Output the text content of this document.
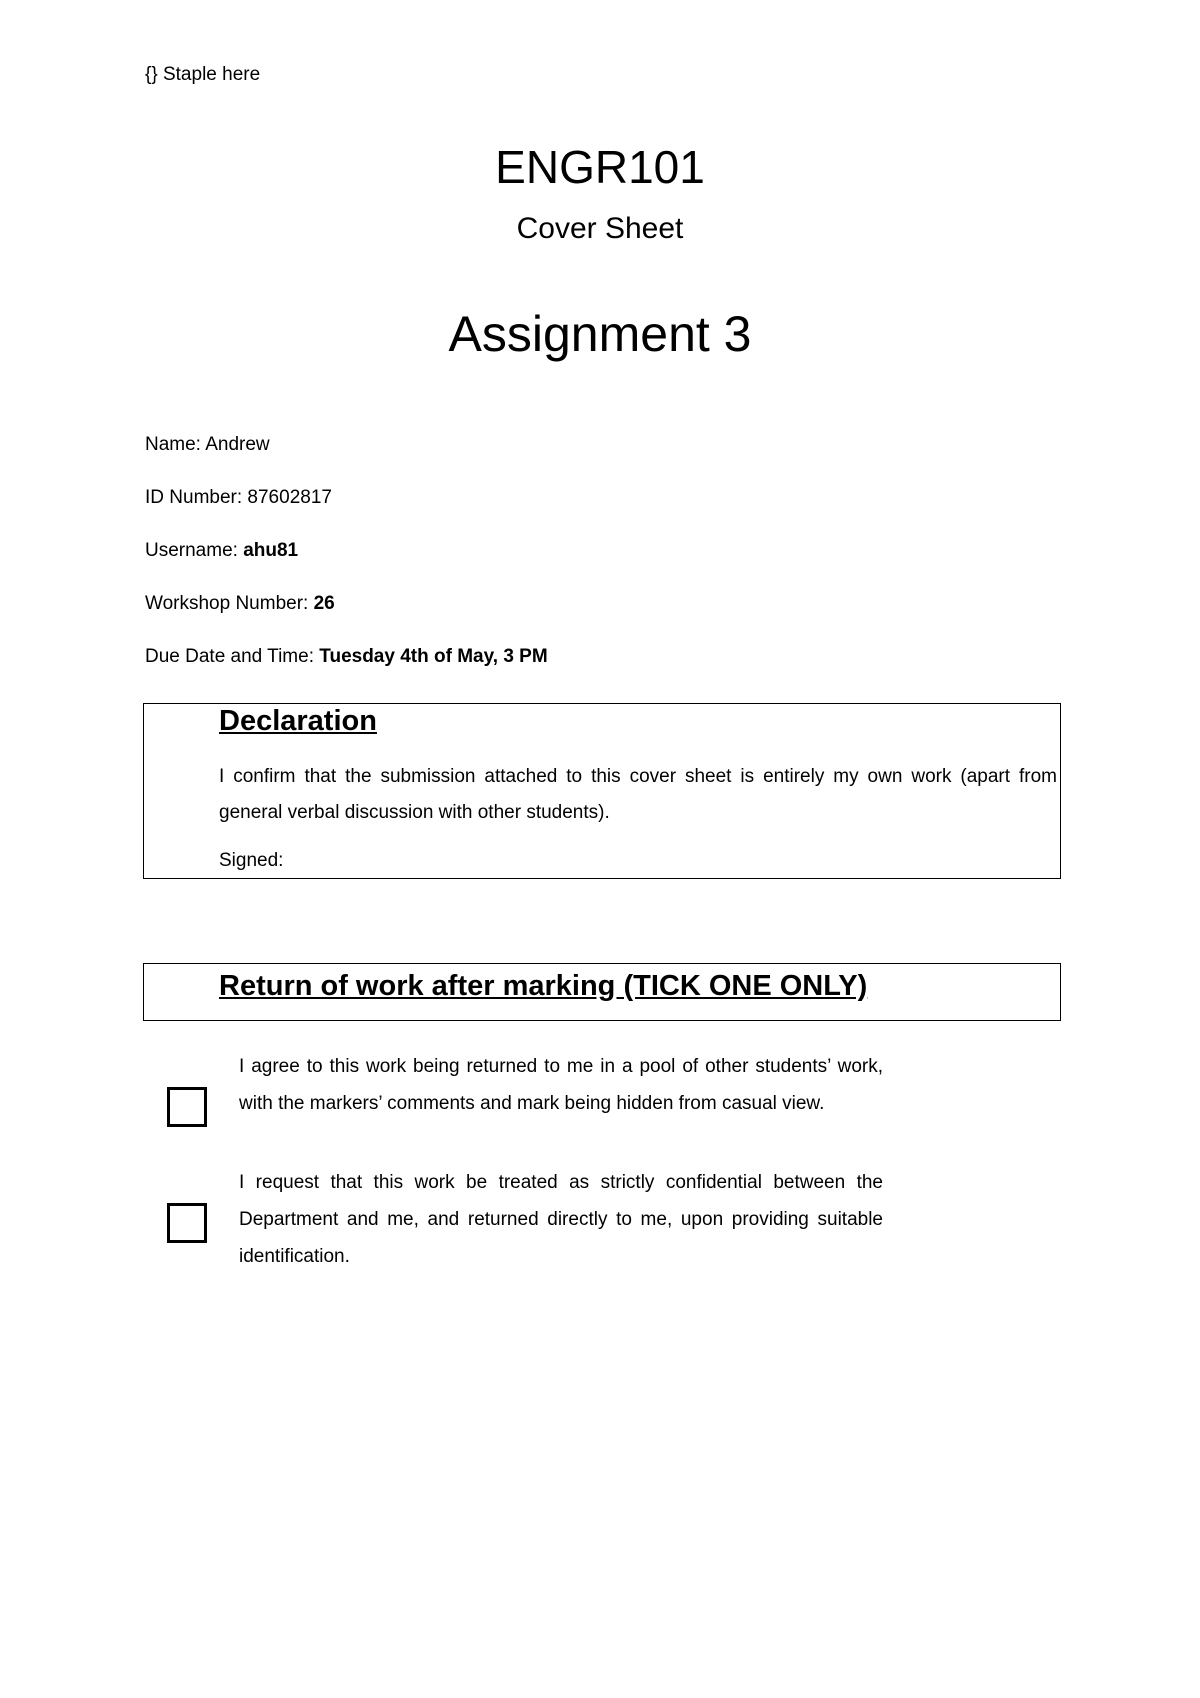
{} Staple here
ENGR101
Cover Sheet
Assignment 3
Name: Andrew
ID Number: 87602817
Username: ahu81
Workshop Number: 26
Due Date and Time: Tuesday 4th of May, 3 PM
Declaration
I confirm that the submission attached to this cover sheet is entirely my own work (apart from general verbal discussion with other students).
Signed:
Return of work after marking (TICK ONE ONLY)
I agree to this work being returned to me in a pool of other students’ work, with the markers’ comments and mark being hidden from casual view.
I request that this work be treated as strictly confidential between the Department and me, and returned directly to me, upon providing suitable identification.
